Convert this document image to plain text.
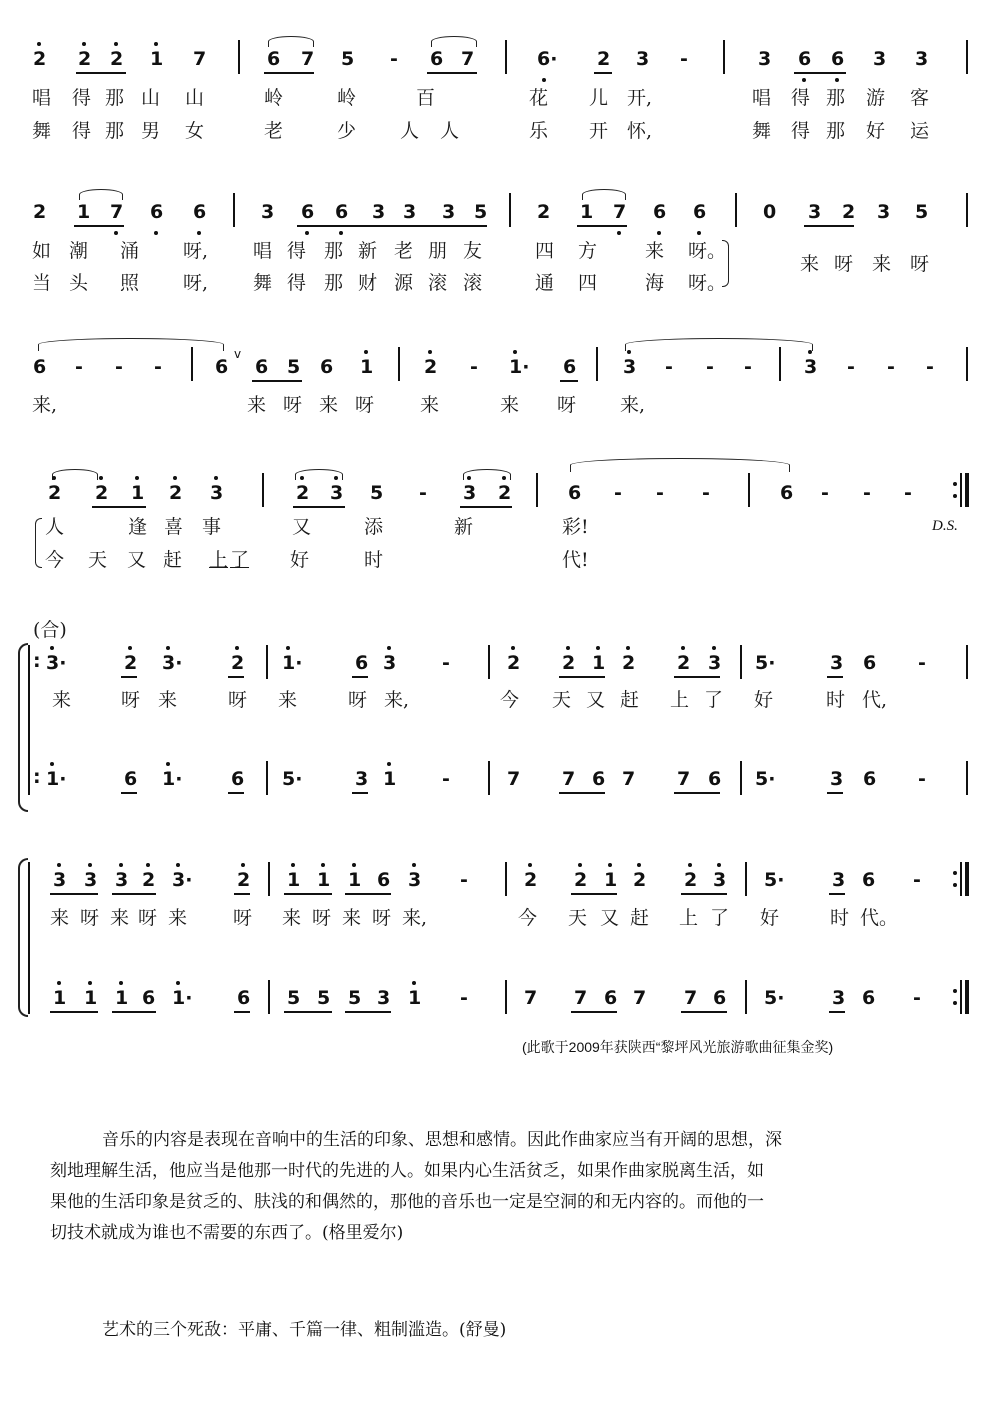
2 2 2 1 7	6 7 5 - 6 7	6· 2 3 -	3 6 6 3 3
唱 得 那 山 山	岭	岭	百	花 儿 开,	唱 得 那 游 客
舞 得 那 男 女	老	少 人 人	乐 开 怀,	舞 得 那 好 运
2 1 7 6 6	3 6 6 3 3 3 5	2 1 7 6 6	0 3 2 3 5
如 潮 涌 呀, 唱 得 那 新 老 朋 友	四 方	来 呀。
当 头 照 呀, 舞 得 那 财 源 滚 滚	通 四	海 呀。
来 呀 来 呀
6 - - -	6
v
6 5 6 1	2 - 1· 6 3 - - -	3 - - -
来,	来 呀 来 呀 来	来 呀 来,
2 2 1 2 3	2 3 5 - 3 2	6 - - -	6 - - -
人	逢 喜 事	又	添	新	彩!	D.S.
今 天 又 赶 上 了 好	时	代!
(合)
: 3·	2 3·	2 1·	6 3 -	2 2 1 2 2 3 5·	3 6 -
来	呀 来	呀 来	呀 来,	今 天 又 赶 上 了 好	时 代,
: 1·	6 1·	6 5·	3 1 -	7 7 6 7 7 6 5·	3 6 -
3 3 3 2 3· 2 1 1 1 6 3 -	2 2 1 2 2 3 5·	3 6 -
来 呀 来 呀 来 呀 来 呀 来 呀 来,	今 天 又 赶 上 了 好	时 代。
1 1 1 6 1· 6 5 5 5 3 1 -	7 7 6 7 7 6 5·	3 6 -
(此歌于2009年获陕西“黎坪风光旅游歌曲征集金奖)
音乐的内容是表现在音响中的生活的印象、思想和感情。因此作曲家应当有开阔的思想，深
刻地理解生活，他应当是他那一时代的先进的人。如果内心生活贫乏，如果作曲家脱离生活，如
果他的生活印象是贫乏的、肤浅的和偶然的，那他的音乐也一定是空洞的和无内容的。而他的一
切技术就成为谁也不需要的东西了。(格里爱尔)
艺术的三个死敌：平庸、千篇一律、粗制滥造。(舒曼)
